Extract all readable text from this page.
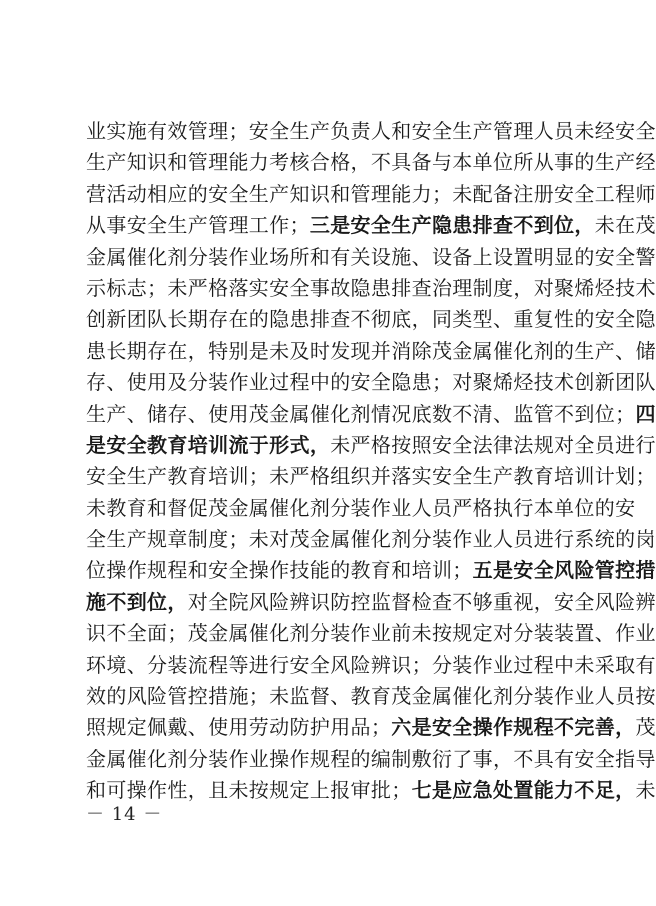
业实施有效管理；安全生产负责人和安全生产管理人员未经安全
生产知识和管理能力考核合格，不具备与本单位所从事的生产经
营活动相应的安全生产知识和管理能力；未配备注册安全工程师
从事安全生产管理工作；三是安全生产隐患排查不到位，未在茂
金属催化剂分装作业场所和有关设施、设备上设置明显的安全警
示标志；未严格落实安全事故隐患排查治理制度，对聚烯烃技术
创新团队长期存在的隐患排查不彻底，同类型、重复性的安全隐
患长期存在，特别是未及时发现并消除茂金属催化剂的生产、储
存、使用及分装作业过程中的安全隐患；对聚烯烃技术创新团队
生产、储存、使用茂金属催化剂情况底数不清、监管不到位；四
是安全教育培训流于形式，未严格按照安全法律法规对全员进行
安全生产教育培训；未严格组织并落实安全生产教育培训计划；
未教育和督促茂金属催化剂分装作业人员严格执行本单位的安
全生产规章制度；未对茂金属催化剂分装作业人员进行系统的岗
位操作规程和安全操作技能的教育和培训；五是安全风险管控措
施不到位，对全院风险辨识防控监督检查不够重视，安全风险辨
识不全面；茂金属催化剂分装作业前未按规定对分装装置、作业
环境、分装流程等进行安全风险辨识；分装作业过程中未采取有
效的风险管控措施；未监督、教育茂金属催化剂分装作业人员按
照规定佩戴、使用劳动防护用品；六是安全操作规程不完善，茂
金属催化剂分装作业操作规程的编制敷衍了事，不具有安全指导
和可操作性，且未按规定上报审批；七是应急处置能力不足，未
－ 14 －
